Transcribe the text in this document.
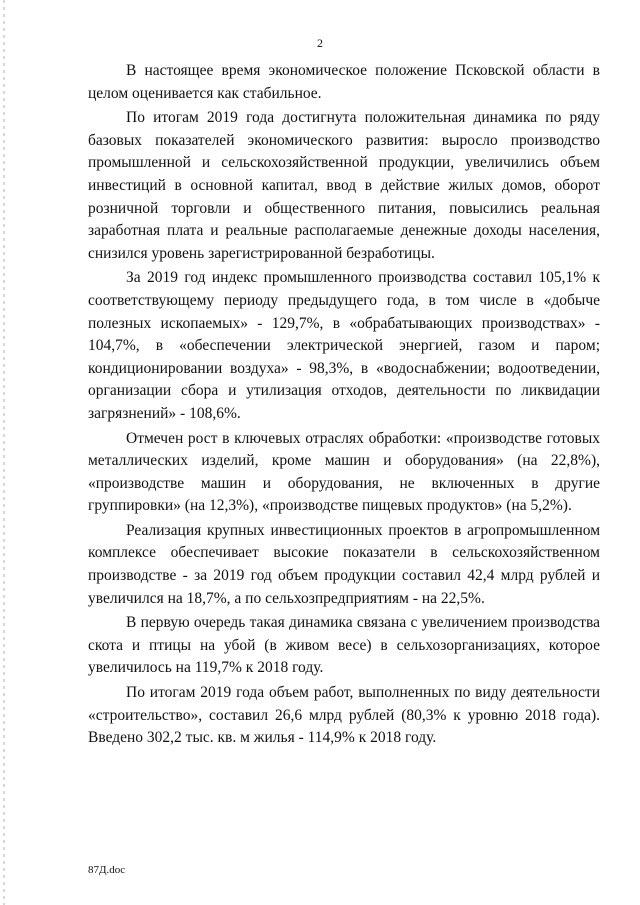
2

В настоящее время экономическое положение Псковской области в целом оценивается как стабильное.

По итогам 2019 года достигнута положительная динамика по ряду базовых показателей экономического развития: выросло производство промышленной и сельскохозяйственной продукции, увеличились объем инвестиций в основной капитал, ввод в действие жилых домов, оборот розничной торговли и общественного питания, повысились реальная заработная плата и реальные располагаемые денежные доходы населения, снизился уровень зарегистрированной безработицы.

За 2019 год индекс промышленного производства составил 105,1% к соответствующему периоду предыдущего года, в том числе в «добыче полезных ископаемых» - 129,7%, в «обрабатывающих производствах» - 104,7%, в «обеспечении электрической энергией, газом и паром; кондиционировании воздуха» - 98,3%, в «водоснабжении; водоотведении, организации сбора и утилизация отходов, деятельности по ликвидации загрязнений» - 108,6%.

Отмечен рост в ключевых отраслях обработки: «производстве готовых металлических изделий, кроме машин и оборудования» (на 22,8%), «производстве машин и оборудования, не включенных в другие группировки» (на 12,3%), «производстве пищевых продуктов» (на 5,2%).

Реализация крупных инвестиционных проектов в агропромышленном комплексе обеспечивает высокие показатели в сельскохозяйственном производстве - за 2019 год объем продукции составил 42,4 млрд рублей и увеличился на 18,7%, а по сельхозпредприятиям - на 22,5%.

В первую очередь такая динамика связана с увеличением производства скота и птицы на убой (в живом весе) в сельхозорганизациях, которое увеличилось на 119,7% к 2018 году.

По итогам 2019 года объем работ, выполненных по виду деятельности «строительство», составил 26,6 млрд рублей (80,3% к уровню 2018 года). Введено 302,2 тыс. кв. м жилья - 114,9% к 2018 году.

87Д.doc
